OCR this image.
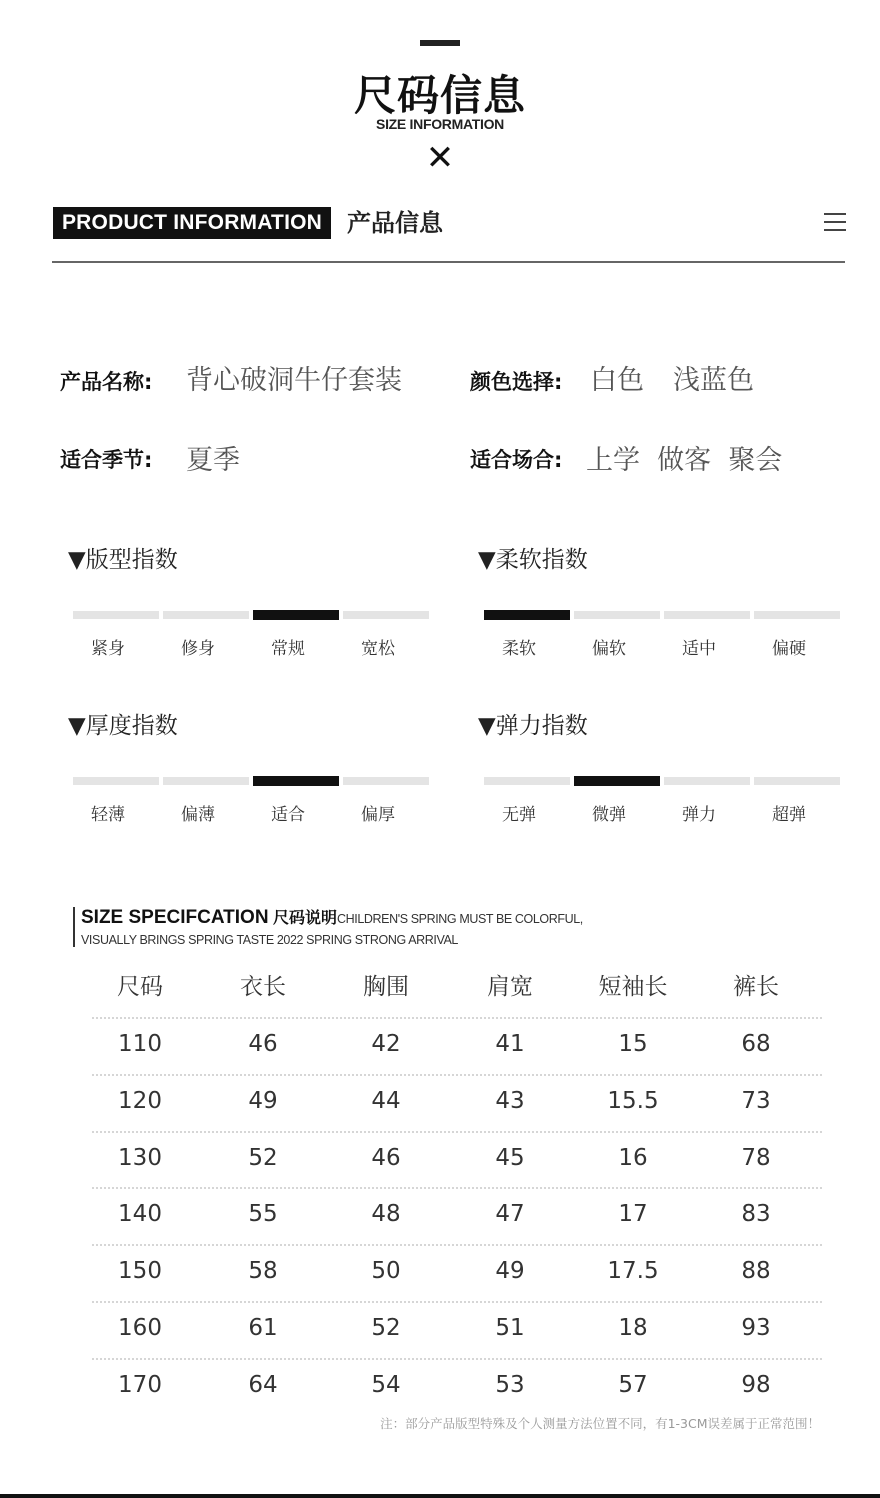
尺码信息
SIZE INFORMATION
✕
PRODUCT INFORMATION	产品信息
产品名称: 背心破洞牛仔套装	颜色选择: 白色 浅蓝色
适合季节: 夏季	适合场合: 上学  做客  聚会
▼版型指数
紧身	修身	常规	宽松
▼柔软指数
柔软	偏软	适中	偏硬
▼厚度指数
轻薄	偏薄	适合	偏厚
▼弹力指数
无弹	微弹	弹力	超弹
SIZE SPECIFCATION 尺码说明CHILDREN'S SPRING MUST BE COLORFUL,
VISUALLY BRINGS SPRING TASTE 2022 SPRING STRONG ARRIVAL
尺码	衣长	胸围	肩宽	短袖长	裤长
110	46	42	41	15	68
120	49	44	43	15.5	73
130	52	46	45	16	78
140	55	48	47	17	83
150	58	50	49	17.5	88
160	61	52	51	18	93
170	64	54	53	57	98
注：部分产品版型特殊及个人测量方法位置不同，有1-3CM误差属于正常范围！
